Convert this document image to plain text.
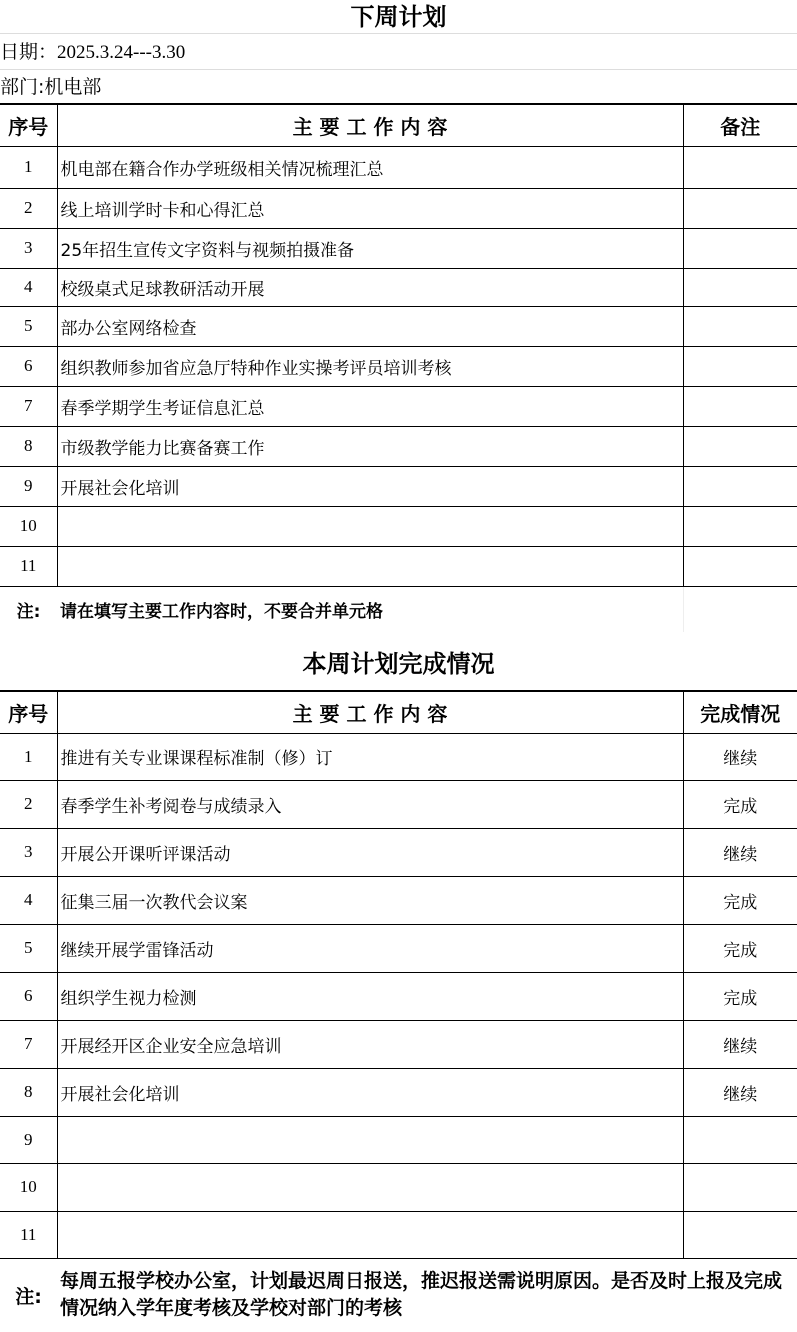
下周计划
日期：2025.3.24---3.30
部门:机电部
序号	主 要 工 作 内 容	备注
1	机电部在籍合作办学班级相关情况梳理汇总	
2	线上培训学时卡和心得汇总	
3	25年招生宣传文字资料与视频拍摄准备	
4	校级桌式足球教研活动开展	
5	部办公室网络检查	
6	组织教师参加省应急厅特种作业实操考评员培训考核	
7	春季学期学生考证信息汇总	
8	市级教学能力比赛备赛工作	
9	开展社会化培训	
10		
11		
注:	请在填写主要工作内容时，不要合并单元格	
本周计划完成情况
序号	主 要 工 作 内 容	完成情况
1	推进有关专业课课程标准制（修）订	继续
2	春季学生补考阅卷与成绩录入	完成
3	开展公开课听评课活动	继续
4	征集三届一次教代会议案	完成
5	继续开展学雷锋活动	完成
6	组织学生视力检测	完成
7	开展经开区企业安全应急培训	继续
8	开展社会化培训	继续
9		
10		
11		
注:	每周五报学校办公室，计划最迟周日报送，推迟报送需说明原因。是否及时上报及完成情况纳入学年度考核及学校对部门的考核	
